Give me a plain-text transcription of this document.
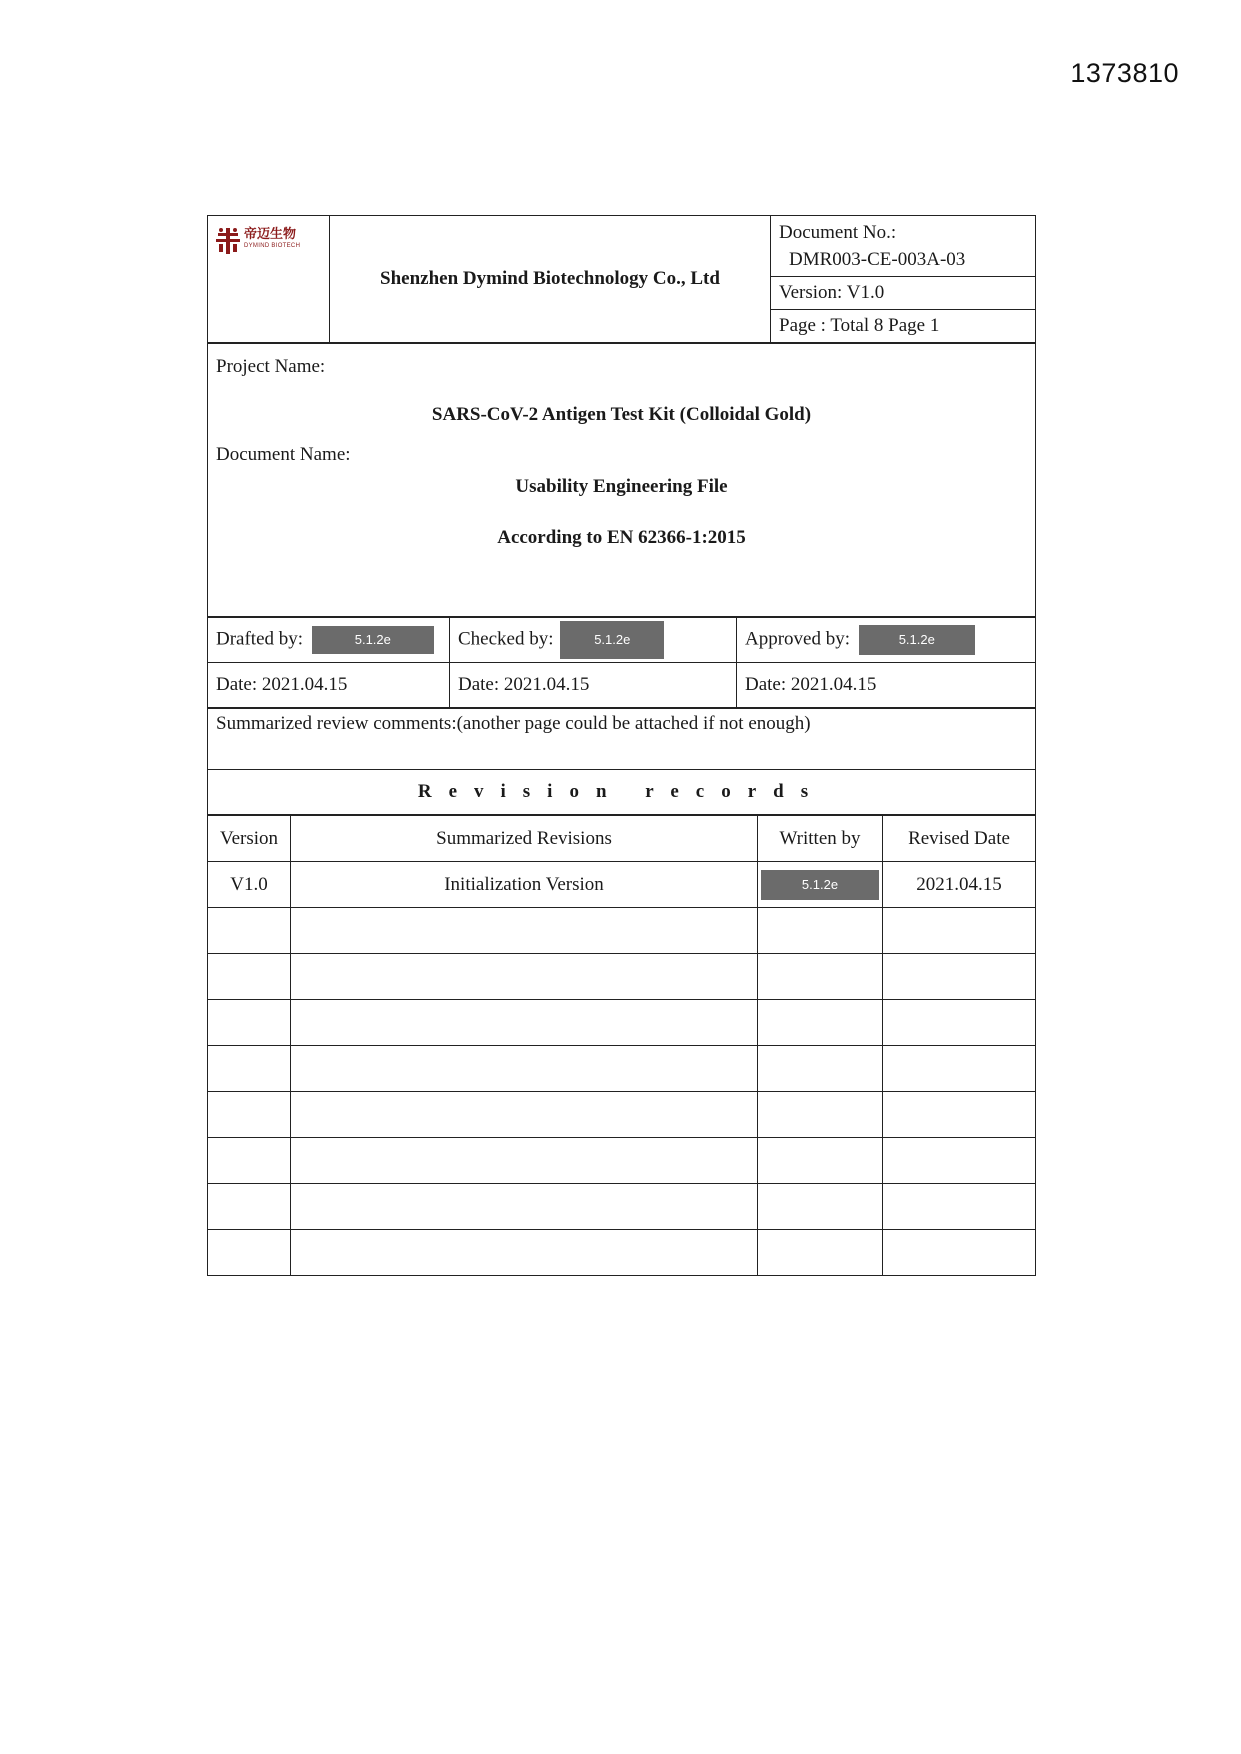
1373810
帝迈生物
DYMIND BIOTECH
	Shenzhen Dymind Biotechnology Co., Ltd	
Document No.:
DMR003-CE-003A-03

Version: V1.0
Page : Total 8 Page 1
Project Name:
SARS-CoV-2 Antigen Test Kit (Colloidal Gold)
Document Name:
Usability Engineering File
According to EN 62366-1:2015
Drafted by: 5.1.2e	Checked by: 5.1.2e	Approved by: 5.1.2e
Date: 2021.04.15	Date: 2021.04.15	Date: 2021.04.15
Summarized review comments:(another page could be attached if not enough)
Revision records
Version	Summarized Revisions	Written by	Revised Date
V1.0	Initialization Version	5.1.2e	2021.04.15
